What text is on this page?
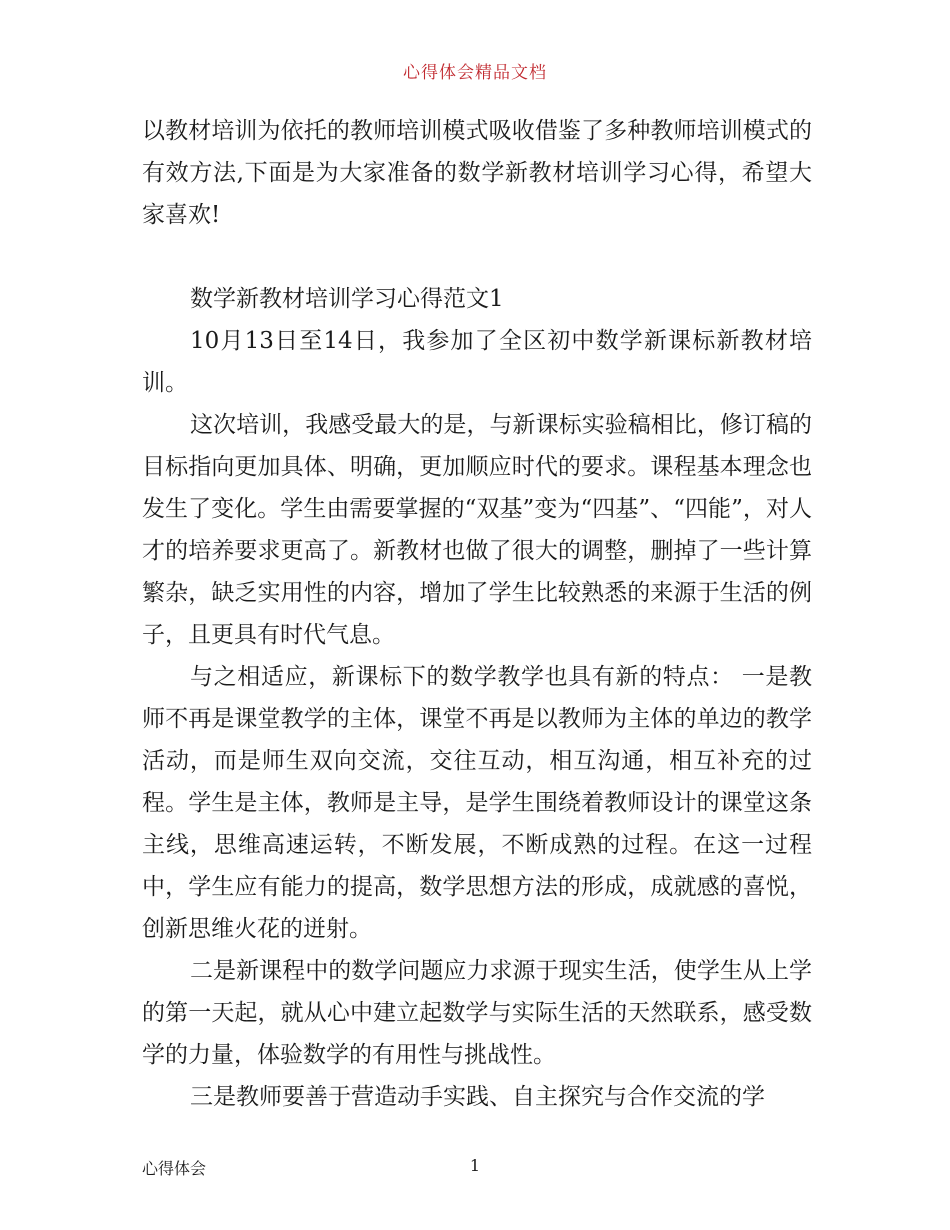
心得体会精品文档

以教材培训为依托的教师培训模式吸收借鉴了多种教师培训模式的有效方法,下面是为大家准备的数学新教材培训学习心得，希望大家喜欢!

数学新教材培训学习心得范文1

10月13日至14日，我参加了全区初中数学新课标新教材培训。

这次培训，我感受最大的是，与新课标实验稿相比，修订稿的目标指向更加具体、明确，更加顺应时代的要求。课程基本理念也发生了变化。学生由需要掌握的“双基”变为“四基”、“四能”，对人才的培养要求更高了。新教材也做了很大的调整，删掉了一些计算繁杂，缺乏实用性的内容，增加了学生比较熟悉的来源于生活的例子，且更具有时代气息。

与之相适应，新课标下的数学教学也具有新的特点： 一是教师不再是课堂教学的主体，课堂不再是以教师为主体的单边的教学活动，而是师生双向交流，交往互动，相互沟通，相互补充的过程。学生是主体，教师是主导，是学生围绕着教师设计的课堂这条主线，思维高速运转，不断发展，不断成熟的过程。在这一过程中，学生应有能力的提高，数学思想方法的形成，成就感的喜悦，创新思维火花的迸射。

二是新课程中的数学问题应力求源于现实生活，使学生从上学的第一天起，就从心中建立起数学与实际生活的天然联系，感受数学的力量，体验数学的有用性与挑战性。

三是教师要善于营造动手实践、自主探究与合作交流的学

心得体会	1
